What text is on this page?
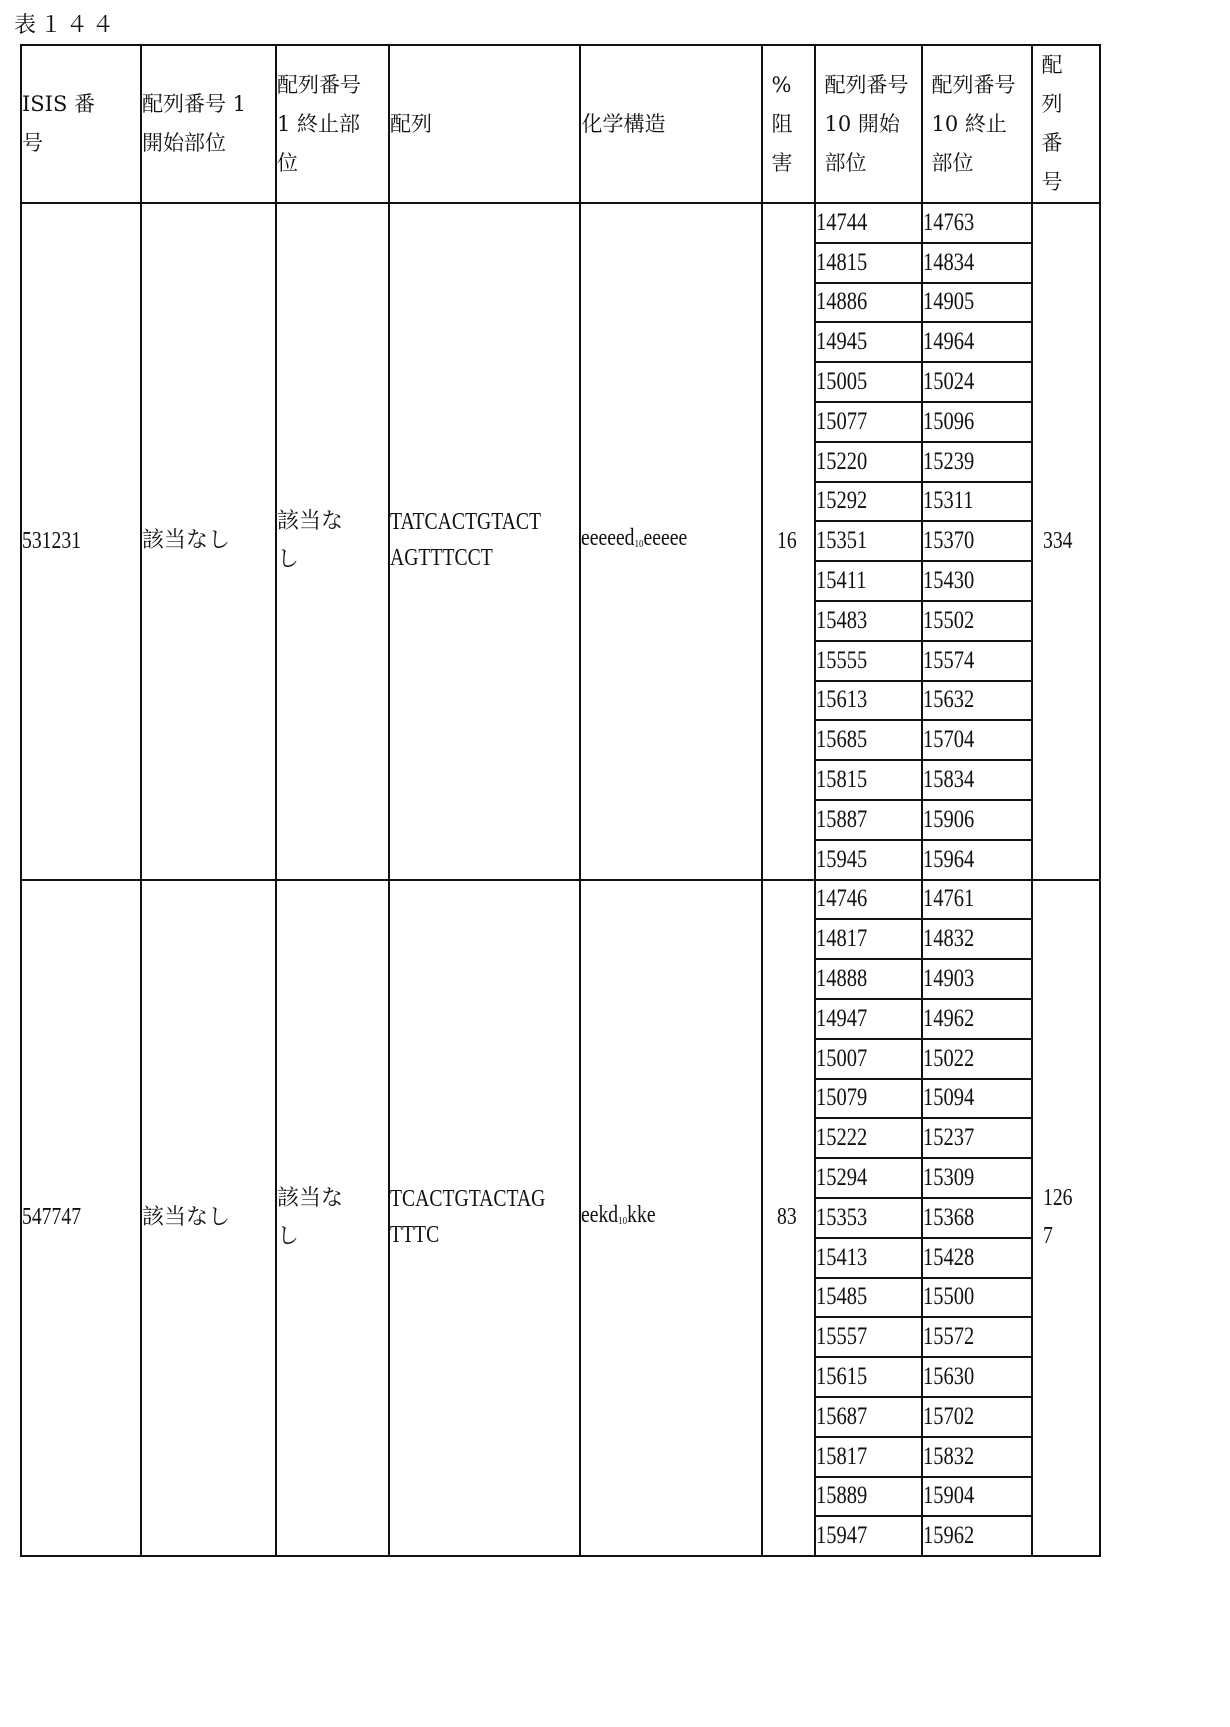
表１４４
ISIS 番号	配列番号 1 開始部位	配列番号 1 終止部位	配列	化学構造	% 阻害	配列番号 10 開始部位	配列番号 10 終止部位	配列番号

531231	該当なし	該当なし	TATCACTGTACT
AGTTTCCT	eeeeed$_{10}$eeeee	16	14744	14763	334
						14815	14834	
						14886	14905	
						14945	14964	
						15005	15024	
						15077	15096	
						15220	15239	
						15292	15311	
						15351	15370	
						15411	15430	
						15483	15502	
						15555	15574	
						15613	15632	
						15685	15704	
						15815	15834	
						15887	15906	
						15945	15964	
547747	該当なし	該当なし	TCACTGTACTAG
TTTC	eekd$_{10}$kke	83	14746	14761	1267
						14817	14832	
						14888	14903	
						14947	14962	
						15007	15022	
						15079	15094	
						15222	15237	
						15294	15309	
						15353	15368	
						15413	15428	
						15485	15500	
						15557	15572	
						15615	15630	
						15687	15702	
						15817	15832	
						15889	15904	
						15947	15962	
